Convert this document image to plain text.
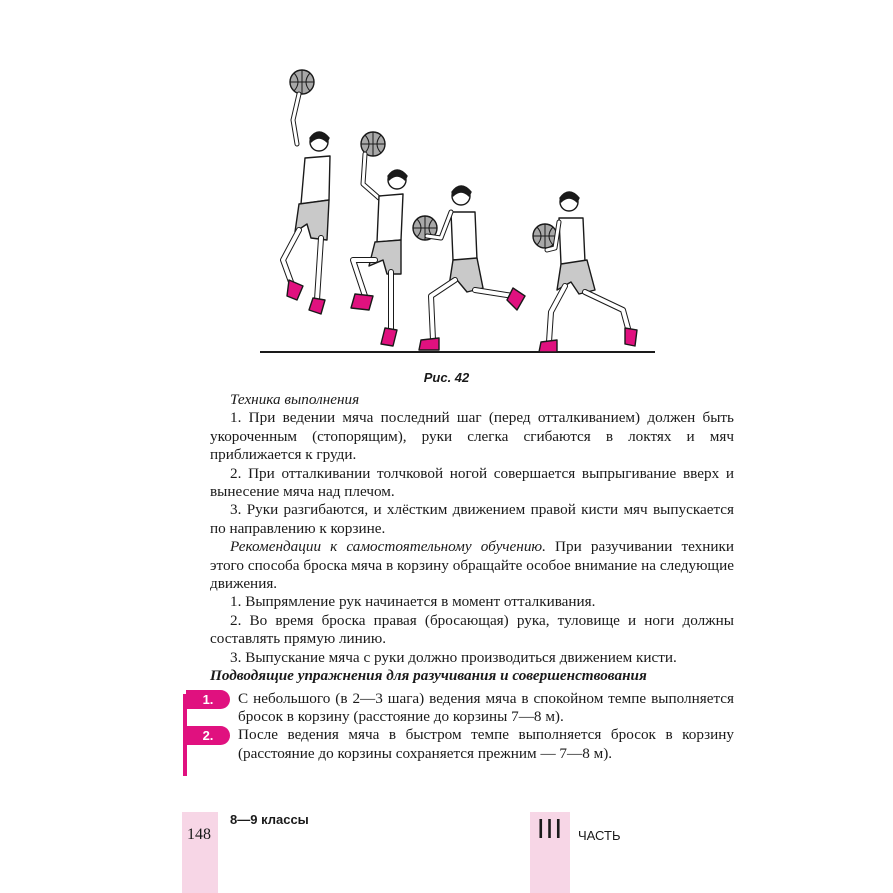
Рис. 42

Техника выполнения

1. При ведении мяча последний шаг (перед отталкиванием) должен быть укороченным (стопорящим), руки слегка сгибаются в локтях и мяч приближается к груди.

2. При отталкивании толчковой ногой совершается выпрыгивание вверх и вынесение мяча над плечом.

3. Руки разгибаются, и хлёстким движением правой кисти мяч выпускается по направлению к корзине.

Рекомендации к самостоятельному обучению. При разучивании техники этого способа броска мяча в корзину обращайте особое внимание на следующие движения.

1. Выпрямление рук начинается в момент отталкивания.

2. Во время броска правая (бросающая) рука, туловище и ноги должны составлять прямую линию.

3. Выпускание мяча с руки должно производиться движением кисти.

Подводящие упражнения для разучивания и совершенствования

1.	С небольшого (в 2—3 шага) ведения мяча в спокойном темпе выполняется бросок в корзину (расстояние до корзины 7—8 м).

2.	После ведения мяча в быстром темпе выполняется бросок в корзину (расстояние до корзины сохраняется прежним — 7—8 м).

148
8—9 классы	III	ЧАСТЬ
